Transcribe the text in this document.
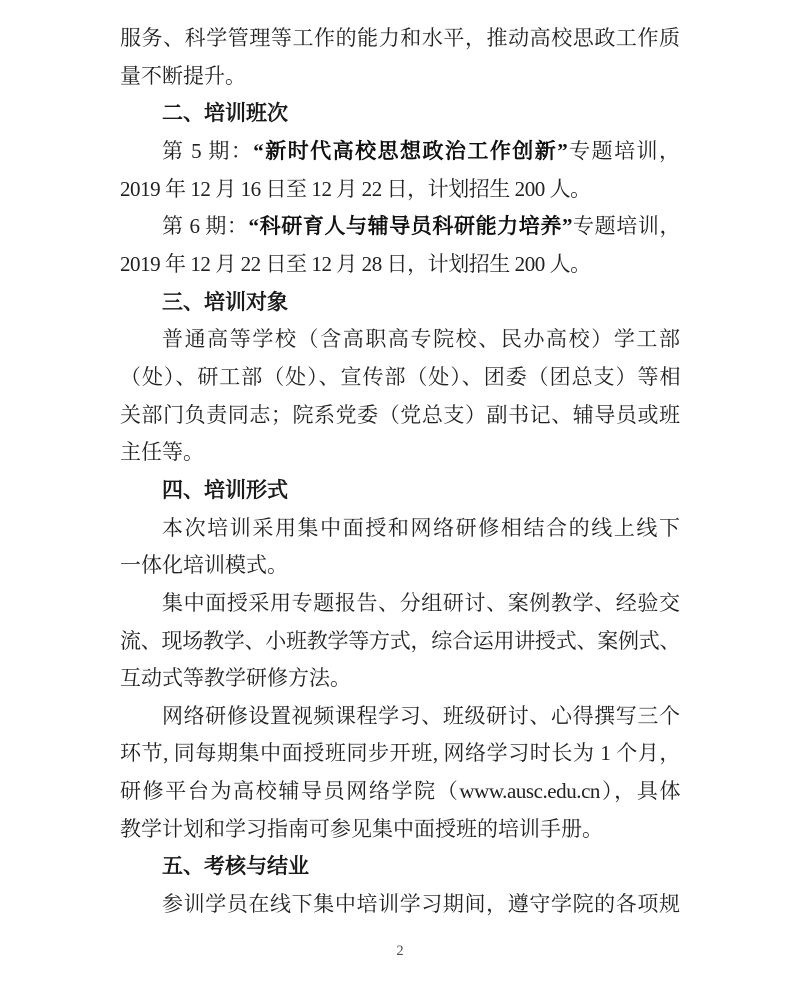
服务、科学管理等工作的能力和水平，推动高校思政工作质
量不断提升。
二、培训班次
第 5 期：“新时代高校思想政治工作创新”专题培训，
2019 年 12 月 16 日至 12 月 22 日，计划招生 200 人。
第 6 期：“科研育人与辅导员科研能力培养”专题培训，
2019 年 12 月 22 日至 12 月 28 日，计划招生 200 人。
三、培训对象
普通高等学校（含高职高专院校、民办高校）学工部
（处）、研工部（处）、宣传部（处）、团委（团总支）等相
关部门负责同志；院系党委（党总支）副书记、辅导员或班
主任等。
四、培训形式
本次培训采用集中面授和网络研修相结合的线上线下
一体化培训模式。
集中面授采用专题报告、分组研讨、案例教学、经验交
流、现场教学、小班教学等方式，综合运用讲授式、案例式、
互动式等教学研修方法。
网络研修设置视频课程学习、班级研讨、心得撰写三个
环节, 同每期集中面授班同步开班, 网络学习时长为 1 个月，
研修平台为高校辅导员网络学院（www.ausc.edu.cn），具体
教学计划和学习指南可参见集中面授班的培训手册。
五、考核与结业
参训学员在线下集中培训学习期间，遵守学院的各项规
2
